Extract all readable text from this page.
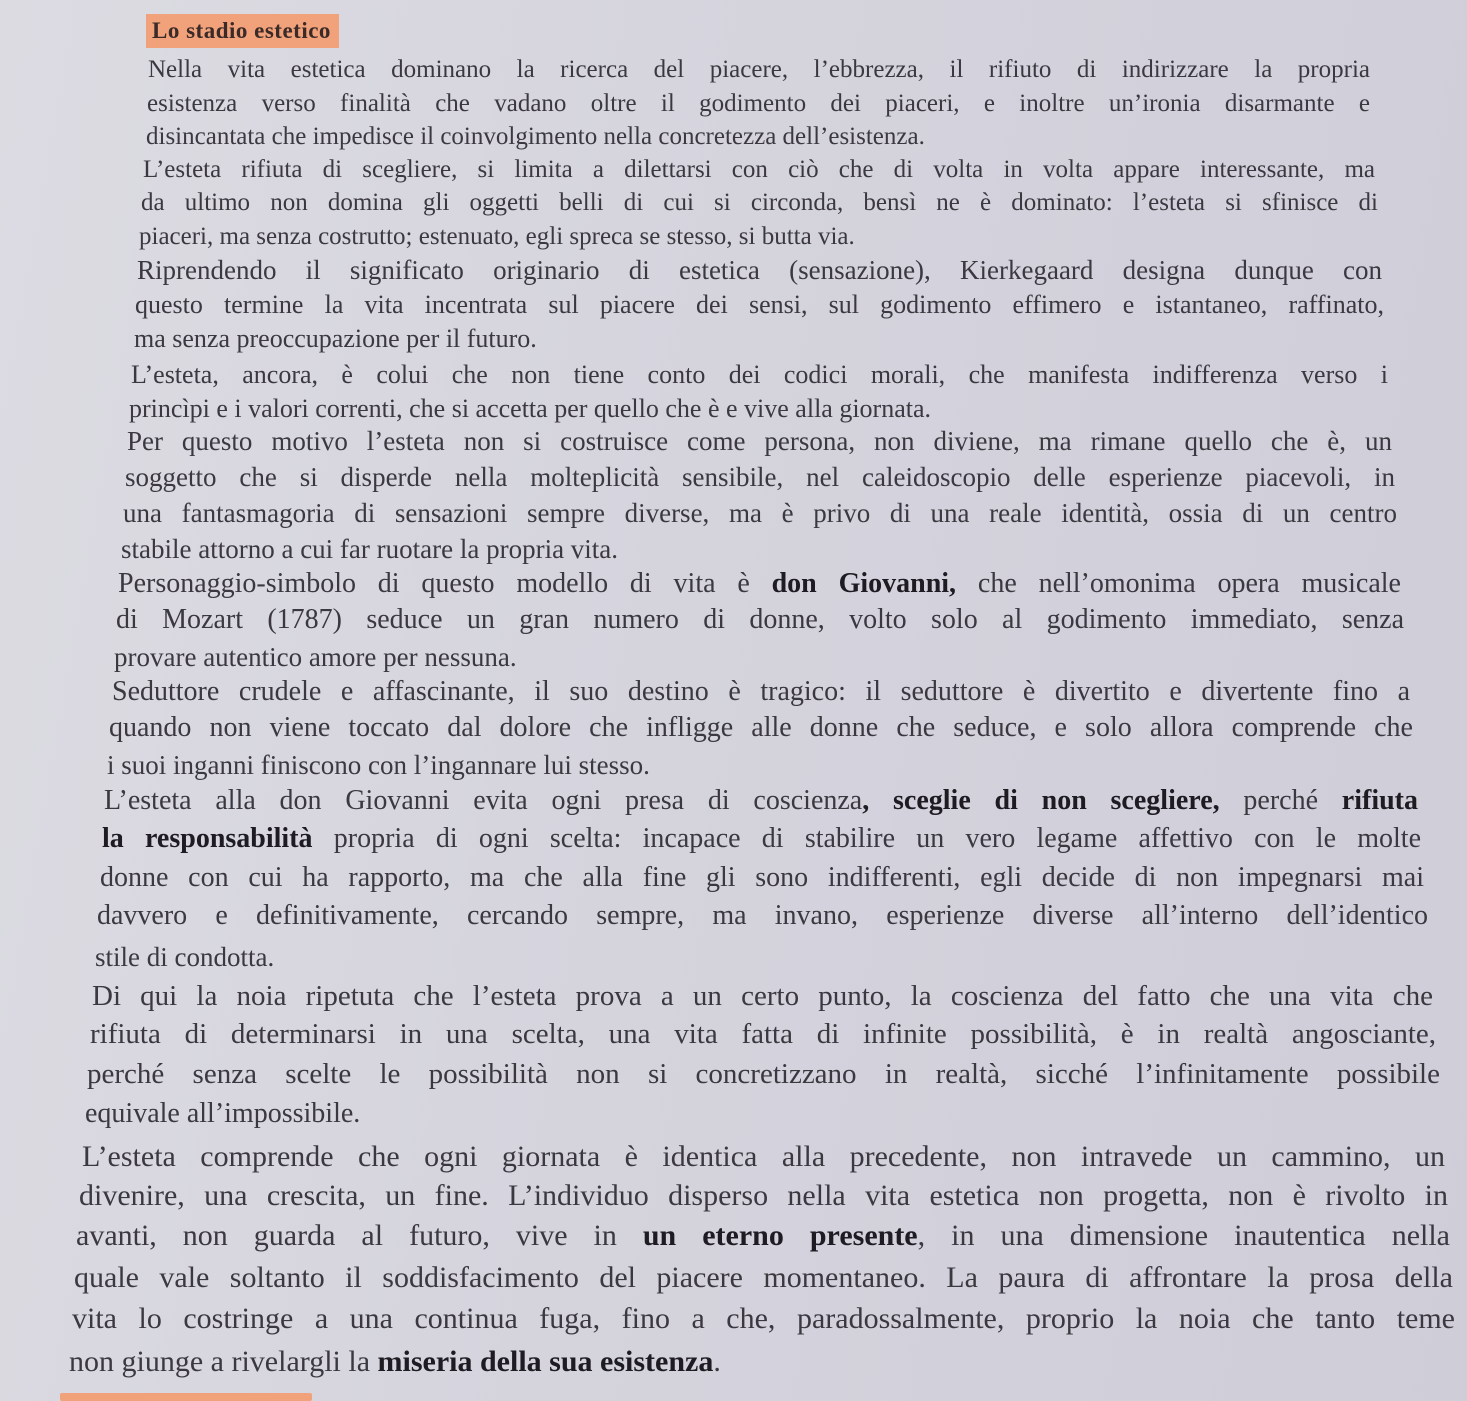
Lo stadio estetico
Nella vita estetica dominano la ricerca del piacere, l’ebbrezza, il rifiuto di indirizzare la propria
esistenza verso finalità che vadano oltre il godimento dei piaceri, e inoltre un’ironia disarmante e
disincantata che impedisce il coinvolgimento nella concretezza dell’esistenza.
L’esteta rifiuta di scegliere, si limita a dilettarsi con ciò che di volta in volta appare interessante, ma
da ultimo non domina gli oggetti belli di cui si circonda, bensì ne è dominato: l’esteta si sfinisce di
piaceri, ma senza costrutto; estenuato, egli spreca se stesso, si butta via.
Riprendendo il significato originario di estetica (sensazione), Kierkegaard designa dunque con
questo termine la vita incentrata sul piacere dei sensi, sul godimento effimero e istantaneo, raffinato,
ma senza preoccupazione per il futuro.
L’esteta, ancora, è colui che non tiene conto dei codici morali, che manifesta indifferenza verso i
princìpi e i valori correnti, che si accetta per quello che è e vive alla giornata.
Per questo motivo l’esteta non si costruisce come persona, non diviene, ma rimane quello che è, un
soggetto che si disperde nella molteplicità sensibile, nel caleidoscopio delle esperienze piacevoli, in
una fantasmagoria di sensazioni sempre diverse, ma è privo di una reale identità, ossia di un centro
stabile attorno a cui far ruotare la propria vita.
Personaggio-simbolo di questo modello di vita è don Giovanni, che nell’omonima opera musicale
di Mozart (1787) seduce un gran numero di donne, volto solo al godimento immediato, senza
provare autentico amore per nessuna.
Seduttore crudele e affascinante, il suo destino è tragico: il seduttore è divertito e divertente fino a
quando non viene toccato dal dolore che infligge alle donne che seduce, e solo allora comprende che
i suoi inganni finiscono con l’ingannare lui stesso.
L’esteta alla don Giovanni evita ogni presa di coscienza, sceglie di non scegliere, perché rifiuta
la responsabilità propria di ogni scelta: incapace di stabilire un vero legame affettivo con le molte
donne con cui ha rapporto, ma che alla fine gli sono indifferenti, egli decide di non impegnarsi mai
davvero e definitivamente, cercando sempre, ma invano, esperienze diverse all’interno dell’identico
stile di condotta.
Di qui la noia ripetuta che l’esteta prova a un certo punto, la coscienza del fatto che una vita che
rifiuta di determinarsi in una scelta, una vita fatta di infinite possibilità, è in realtà angosciante,
perché senza scelte le possibilità non si concretizzano in realtà, sicché l’infinitamente possibile
equivale all’impossibile.
L’esteta comprende che ogni giornata è identica alla precedente, non intravede un cammino, un
divenire, una crescita, un fine. L’individuo disperso nella vita estetica non progetta, non è rivolto in
avanti, non guarda al futuro, vive in un eterno presente, in una dimensione inautentica nella
quale vale soltanto il soddisfacimento del piacere momentaneo. La paura di affrontare la prosa della
vita lo costringe a una continua fuga, fino a che, paradossalmente, proprio la noia che tanto teme
non giunge a rivelargli la miseria della sua esistenza.
